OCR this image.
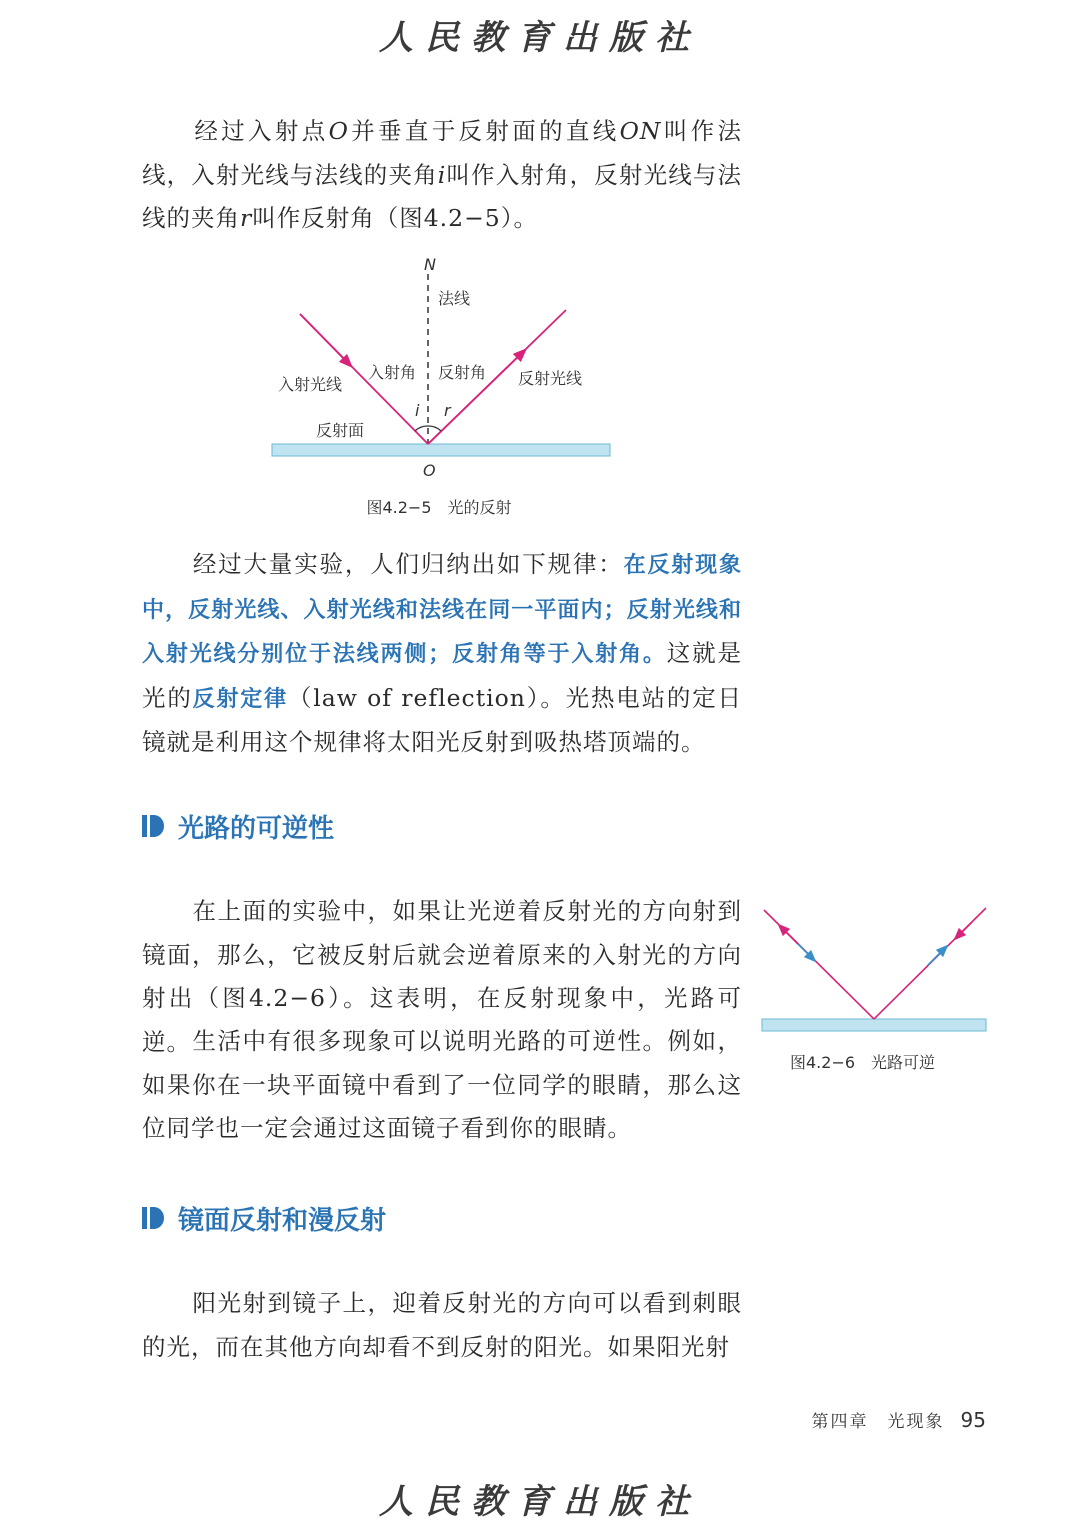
人民教育出版社

经过入射点O并垂直于反射面的直线ON叫作法线，入射光线与法线的夹角i叫作入射角，反射光线与法线的夹角r叫作反射角（图4.2−5）。

N
法线
入射光线
入射角 反射角 反射光线
i r
反射面
O
图4.2−5　光的反射

经过大量实验，人们归纳出如下规律：在反射现象中，反射光线、入射光线和法线在同一平面内；反射光线和入射光线分别位于法线两侧；反射角等于入射角。这就是光的反射定律（law of reflection）。光热电站的定日镜就是利用这个规律将太阳光反射到吸热塔顶端的。

光路的可逆性

在上面的实验中，如果让光逆着反射光的方向射到镜面，那么，它被反射后就会逆着原来的入射光的方向射出（图4.2−6）。这表明，在反射现象中，光路可逆。 生活中有很多现象可以说明光路的可逆性。例如，如果你在一块平面镜中看到了一位同学的眼睛，那么这位同学也一定会通过这面镜子看到你的眼睛。

图4.2−6　光路可逆
镜面反射和漫反射

阳光射到镜子上，迎着反射光的方向可以看到刺眼的光，而在其他方向却看不到反射的阳光。如果阳光射

第四章　光现象 95
人民教育出版社
